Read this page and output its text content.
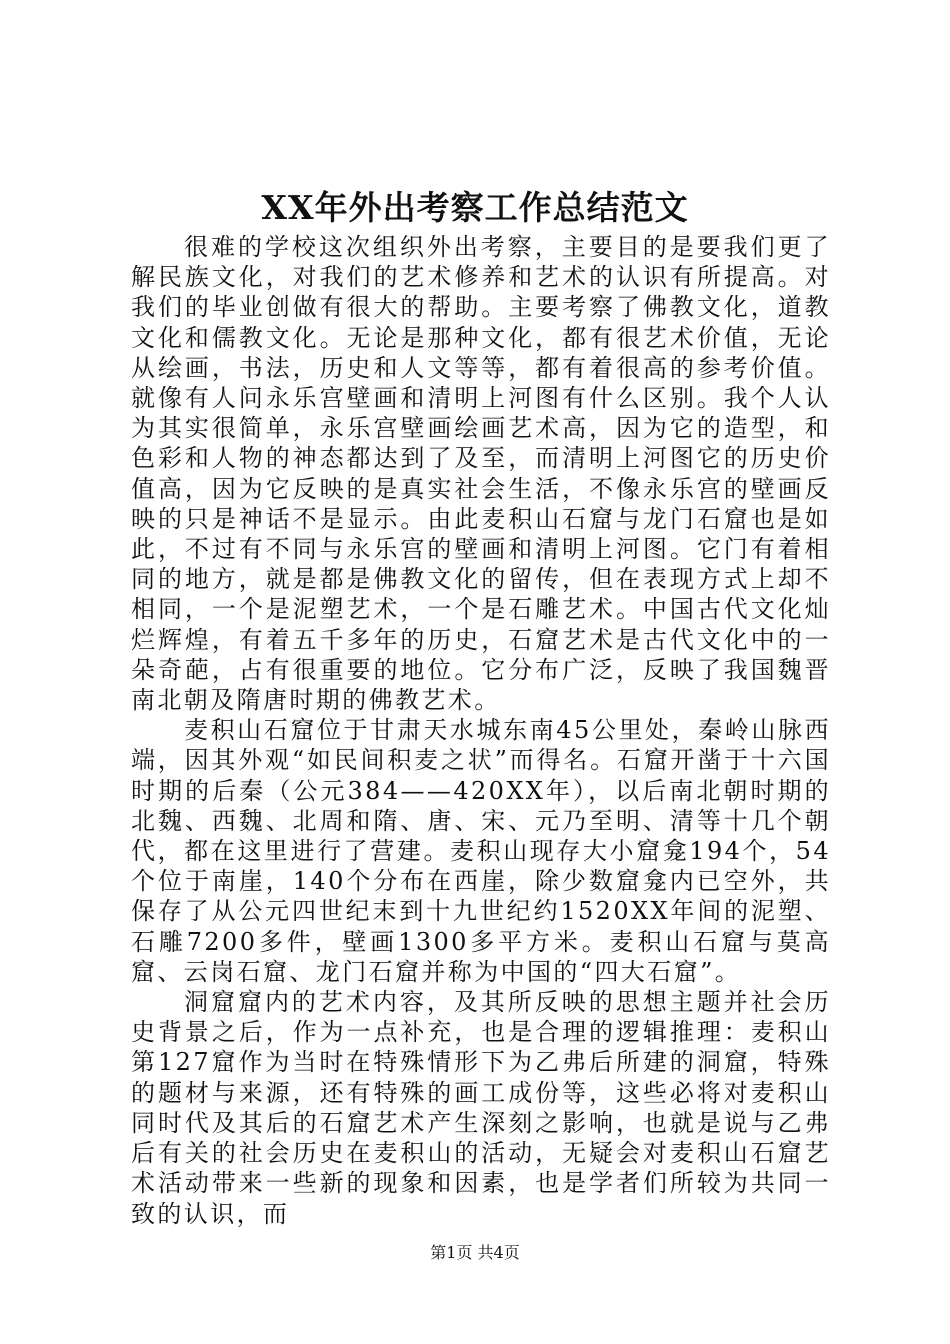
XX年外出考察工作总结范文

很难的学校这次组织外出考察，主要目的是要我们更了解民族文化，对我们的艺术修养和艺术的认识有所提高。对我们的毕业创做有很大的帮助。主要考察了佛教文化，道教文化和儒教文化。无论是那种文化，都有很艺术价值，无论从绘画，书法，历史和人文等等，都有着很高的参考价值。就像有人问永乐宫壁画和清明上河图有什么区别。我个人认为其实很简单，永乐宫壁画绘画艺术高，因为它的造型，和色彩和人物的神态都达到了及至，而清明上河图它的历史价值高，因为它反映的是真实社会生活，不像永乐宫的壁画反映的只是神话不是显示。由此麦积山石窟与龙门石窟也是如此，不过有不同与永乐宫的壁画和清明上河图。它门有着相同的地方，就是都是佛教文化的留传，但在表现方式上却不相同，一个是泥塑艺术，一个是石雕艺术。中国古代文化灿烂辉煌，有着五千多年的历史，石窟艺术是古代文化中的一朵奇葩，占有很重要的地位。它分布广泛，反映了我国魏晋南北朝及隋唐时期的佛教艺术。

麦积山石窟位于甘肃天水城东南45公里处，秦岭山脉西端，因其外观“如民间积麦之状”而得名。石窟开凿于十六国时期的后秦（公元384——420XX年），以后南北朝时期的北魏、西魏、北周和隋、唐、宋、元乃至明、清等十几个朝代，都在这里进行了营建。麦积山现存大小窟龛194个，54个位于南崖，140个分布在西崖，除少数窟龛内已空外，共保存了从公元四世纪末到十九世纪约1520XX年间的泥塑、石雕7200多件，壁画1300多平方米。麦积山石窟与莫高窟、云岗石窟、龙门石窟并称为中国的“四大石窟”。

洞窟窟内的艺术内容，及其所反映的思想主题并社会历史背景之后，作为一点补充，也是合理的逻辑推理：麦积山第127窟作为当时在特殊情形下为乙弗后所建的洞窟，特殊的题材与来源，还有特殊的画工成份等，这些必将对麦积山同时代及其后的石窟艺术产生深刻之影响，也就是说与乙弗后有关的社会历史在麦积山的活动，无疑会对麦积山石窟艺术活动带来一些新的现象和因素，也是学者们所较为共同一致的认识，而

第1页 共4页
